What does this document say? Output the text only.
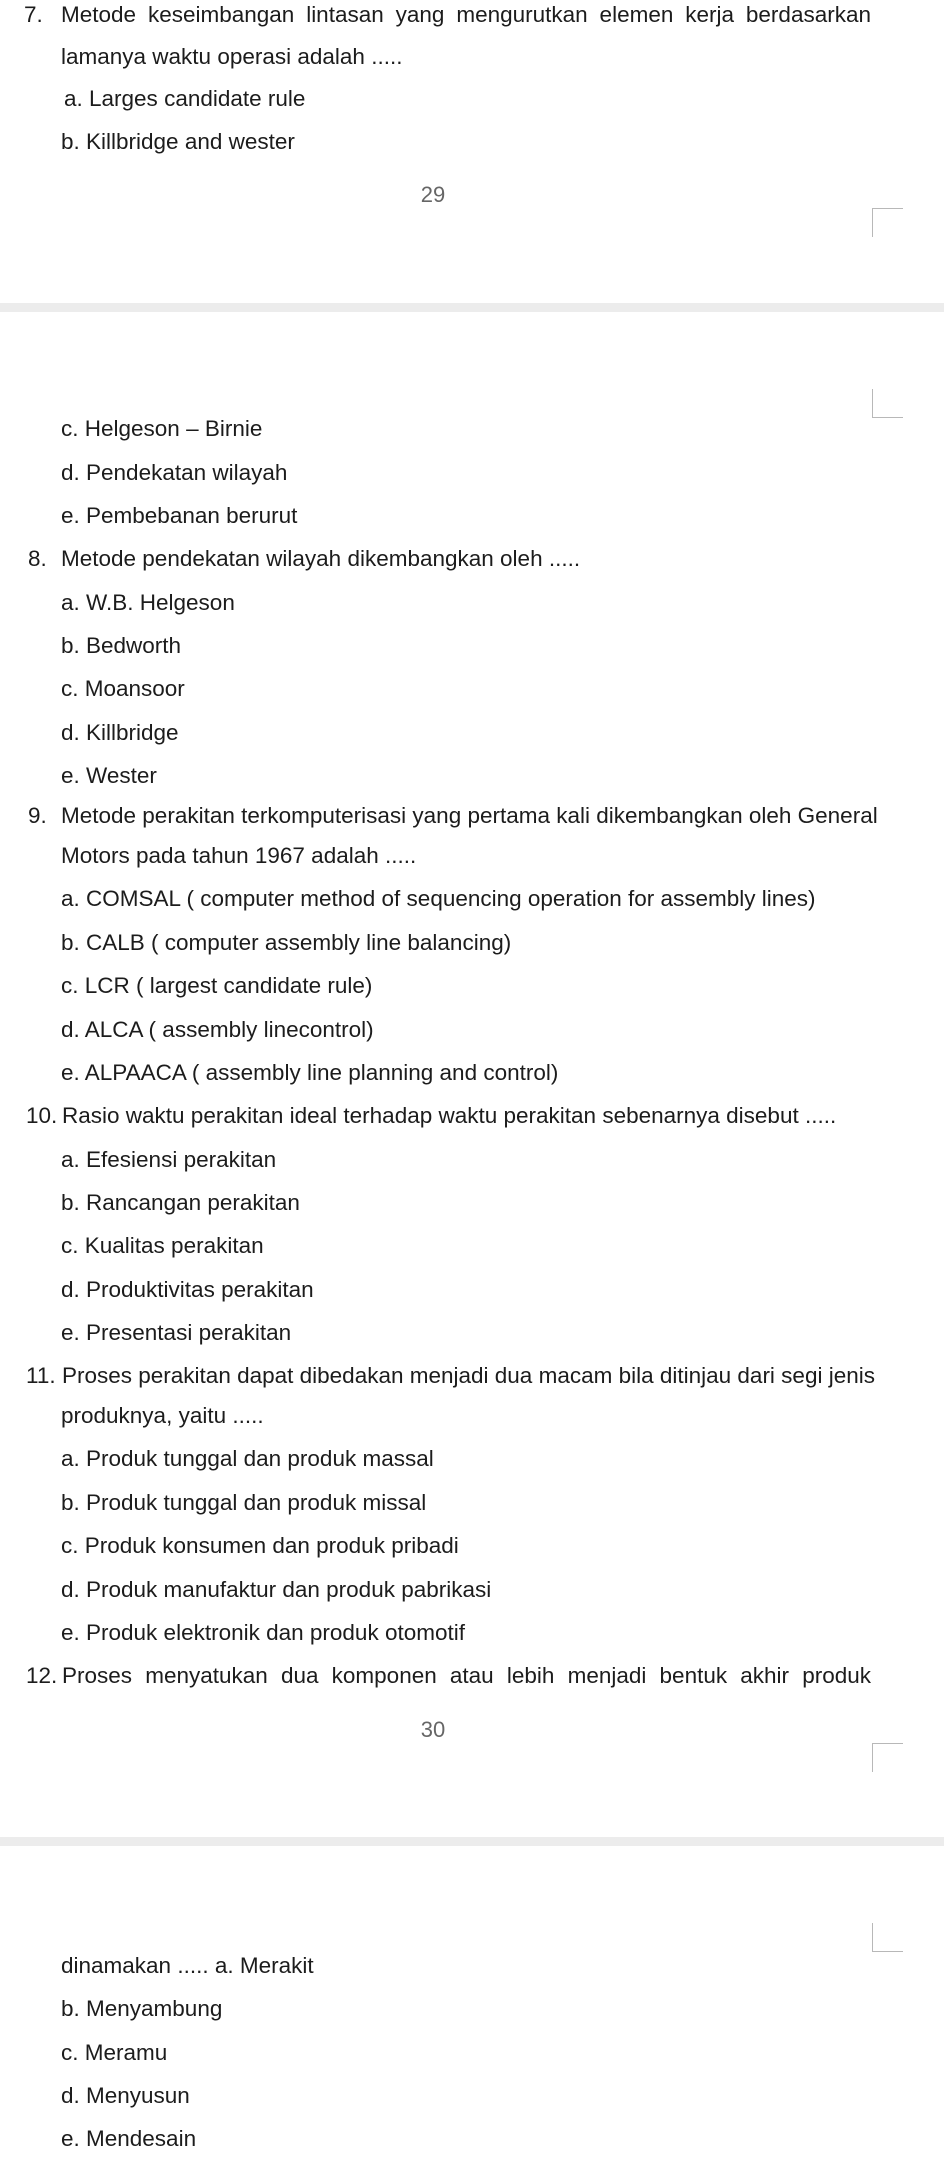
7. Metode keseimbangan lintasan yang mengurutkan elemen kerja berdasarkan
lamanya waktu operasi adalah .....
a. Larges candidate rule
b. Killbridge and wester
29
c. Helgeson – Birnie
d. Pendekatan wilayah
e. Pembebanan berurut
8. Metode pendekatan wilayah dikembangkan oleh .....
a. W.B. Helgeson
b. Bedworth
c. Moansoor
d. Killbridge
e. Wester
9. Metode perakitan terkomputerisasi yang pertama kali dikembangkan oleh General
Motors pada tahun 1967 adalah .....
a. COMSAL ( computer method of sequencing operation for assembly lines)
b. CALB ( computer assembly line balancing)
c. LCR ( largest candidate rule)
d. ALCA ( assembly linecontrol)
e. ALPAACA ( assembly line planning and control)
10. Rasio waktu perakitan ideal terhadap waktu perakitan sebenarnya disebut .....
a. Efesiensi perakitan
b. Rancangan perakitan
c. Kualitas perakitan
d. Produktivitas perakitan
e. Presentasi perakitan
11. Proses perakitan dapat dibedakan menjadi dua macam bila ditinjau dari segi jenis
produknya, yaitu .....
a. Produk tunggal dan produk massal
b. Produk tunggal dan produk missal
c. Produk konsumen dan produk pribadi
d. Produk manufaktur dan produk pabrikasi
e. Produk elektronik dan produk otomotif
12. Proses menyatukan dua komponen atau lebih menjadi bentuk akhir produk
30
dinamakan ..... a. Merakit
b. Menyambung
c. Meramu
d. Menyusun
e. Mendesain
